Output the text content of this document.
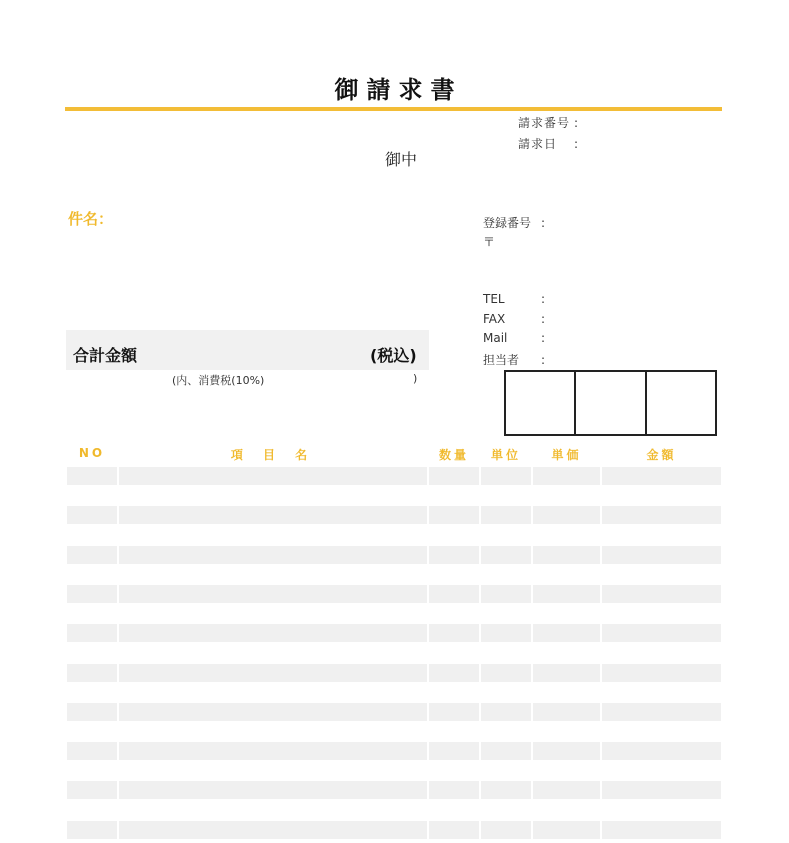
御請求書
請求番号 :
請求日 :
御中
件名：	登録番号 :
〒
TEL	:
FAX	:
Mail	:
担当者 :
合計金額	(税込)
(内、消費税(10%)	)
NO	項 目 名	数量	単位	単価	金額
